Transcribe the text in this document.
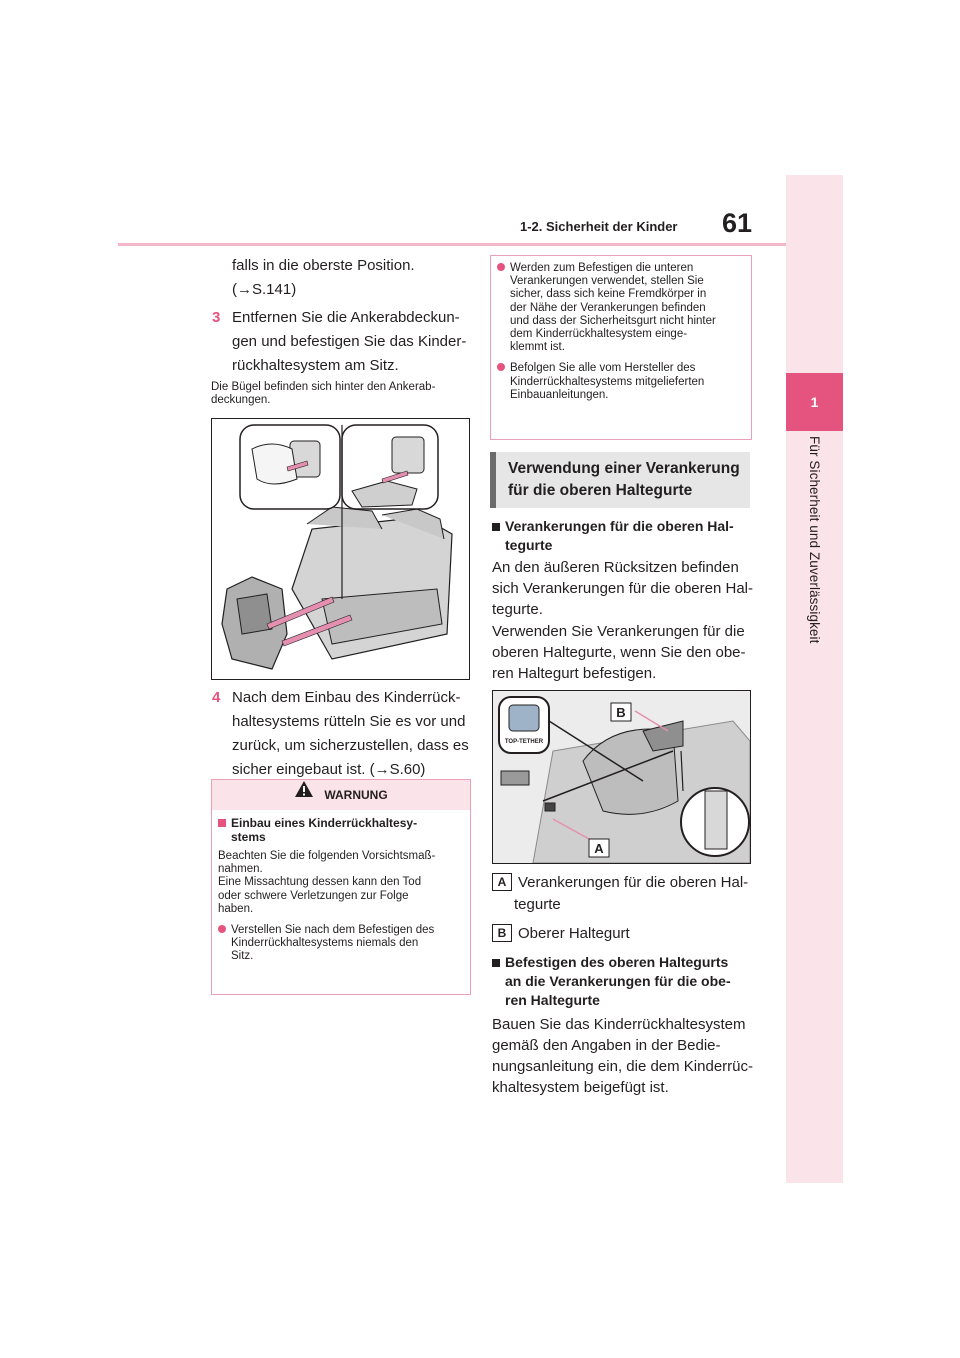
1-2. Sicherheit der Kinder 61
1
Für Sicherheit und Zuverlässigkeit
falls in die oberste Position.
(→S.141)
3 Entfernen Sie die Ankerabdeckun-
gen und befestigen Sie das Kinder-
rückhaltesystem am Sitz.
Die Bügel befinden sich hinter den Ankerab-
deckungen.
4 Nach dem Einbau des Kinderrück-
haltesystems rütteln Sie es vor und
zurück, um sicherzustellen, dass es
sicher eingebaut ist. (→S.60)
WARNUNG
Einbau eines Kinderrückhaltesy-
stems
Beachten Sie die folgenden Vorsichtsmaß-
nahmen.
Eine Missachtung dessen kann den Tod
oder schwere Verletzungen zur Folge
haben.
Verstellen Sie nach dem Befestigen des
Kinderrückhaltesystems niemals den
Sitz.
Werden zum Befestigen die unteren
Verankerungen verwendet, stellen Sie
sicher, dass sich keine Fremdkörper in
der Nähe der Verankerungen befinden
und dass der Sicherheitsgurt nicht hinter
dem Kinderrückhaltesystem einge-
klemmt ist.
Befolgen Sie alle vom Hersteller des
Kinderrückhaltesystems mitgelieferten
Einbauanleitungen.
Verwendung einer Verankerung
für die oberen Haltegurte
Verankerungen für die oberen Hal-
tegurte
An den äußeren Rücksitzen befinden
sich Verankerungen für die oberen Hal-
tegurte.
Verwenden Sie Verankerungen für die
oberen Haltegurte, wenn Sie den obe-
ren Haltegurt befestigen.
TOP-TETHER
B
A
A Verankerungen für die oberen Hal-
tegurte
B Oberer Haltegurt
Befestigen des oberen Haltegurts
an die Verankerungen für die obe-
ren Haltegurte
Bauen Sie das Kinderrückhaltesystem
gemäß den Angaben in der Bedie-
nungsanleitung ein, die dem Kinderrüc-
khaltesystem beigefügt ist.
